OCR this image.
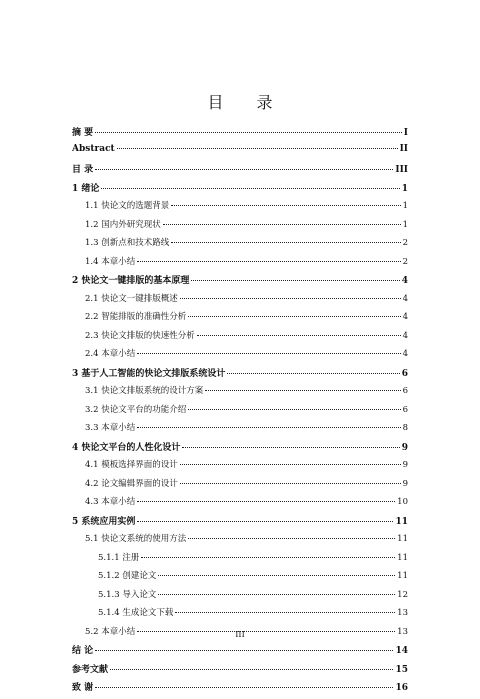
目 录
摘 要	I
Abstract	II
目 录	III
1 绪论	1
1.1 快论文的选题背景	1
1.2 国内外研究现状	1
1.3 创新点和技术路线	2
1.4 本章小结	2
2 快论文一键排版的基本原理	4
2.1 快论文一键排版概述	4
2.2 智能排版的准确性分析	4
2.3 快论文排版的快速性分析	4
2.4 本章小结	4
3 基于人工智能的快论文排版系统设计	6
3.1 快论文排版系统的设计方案	6
3.2 快论文平台的功能介绍	6
3.3 本章小结	8
4 快论文平台的人性化设计	9
4.1 模板选择界面的设计	9
4.2 论文编辑界面的设计	9
4.3 本章小结	10
5 系统应用实例	11
5.1 快论文系统的使用方法	11
5.1.1 注册	11
5.1.2 创建论文	11
5.1.3 导入论文	12
5.1.4 生成论文下载	13
5.2 本章小结	13
结 论	14
参考文献	15
致 谢	16
III
